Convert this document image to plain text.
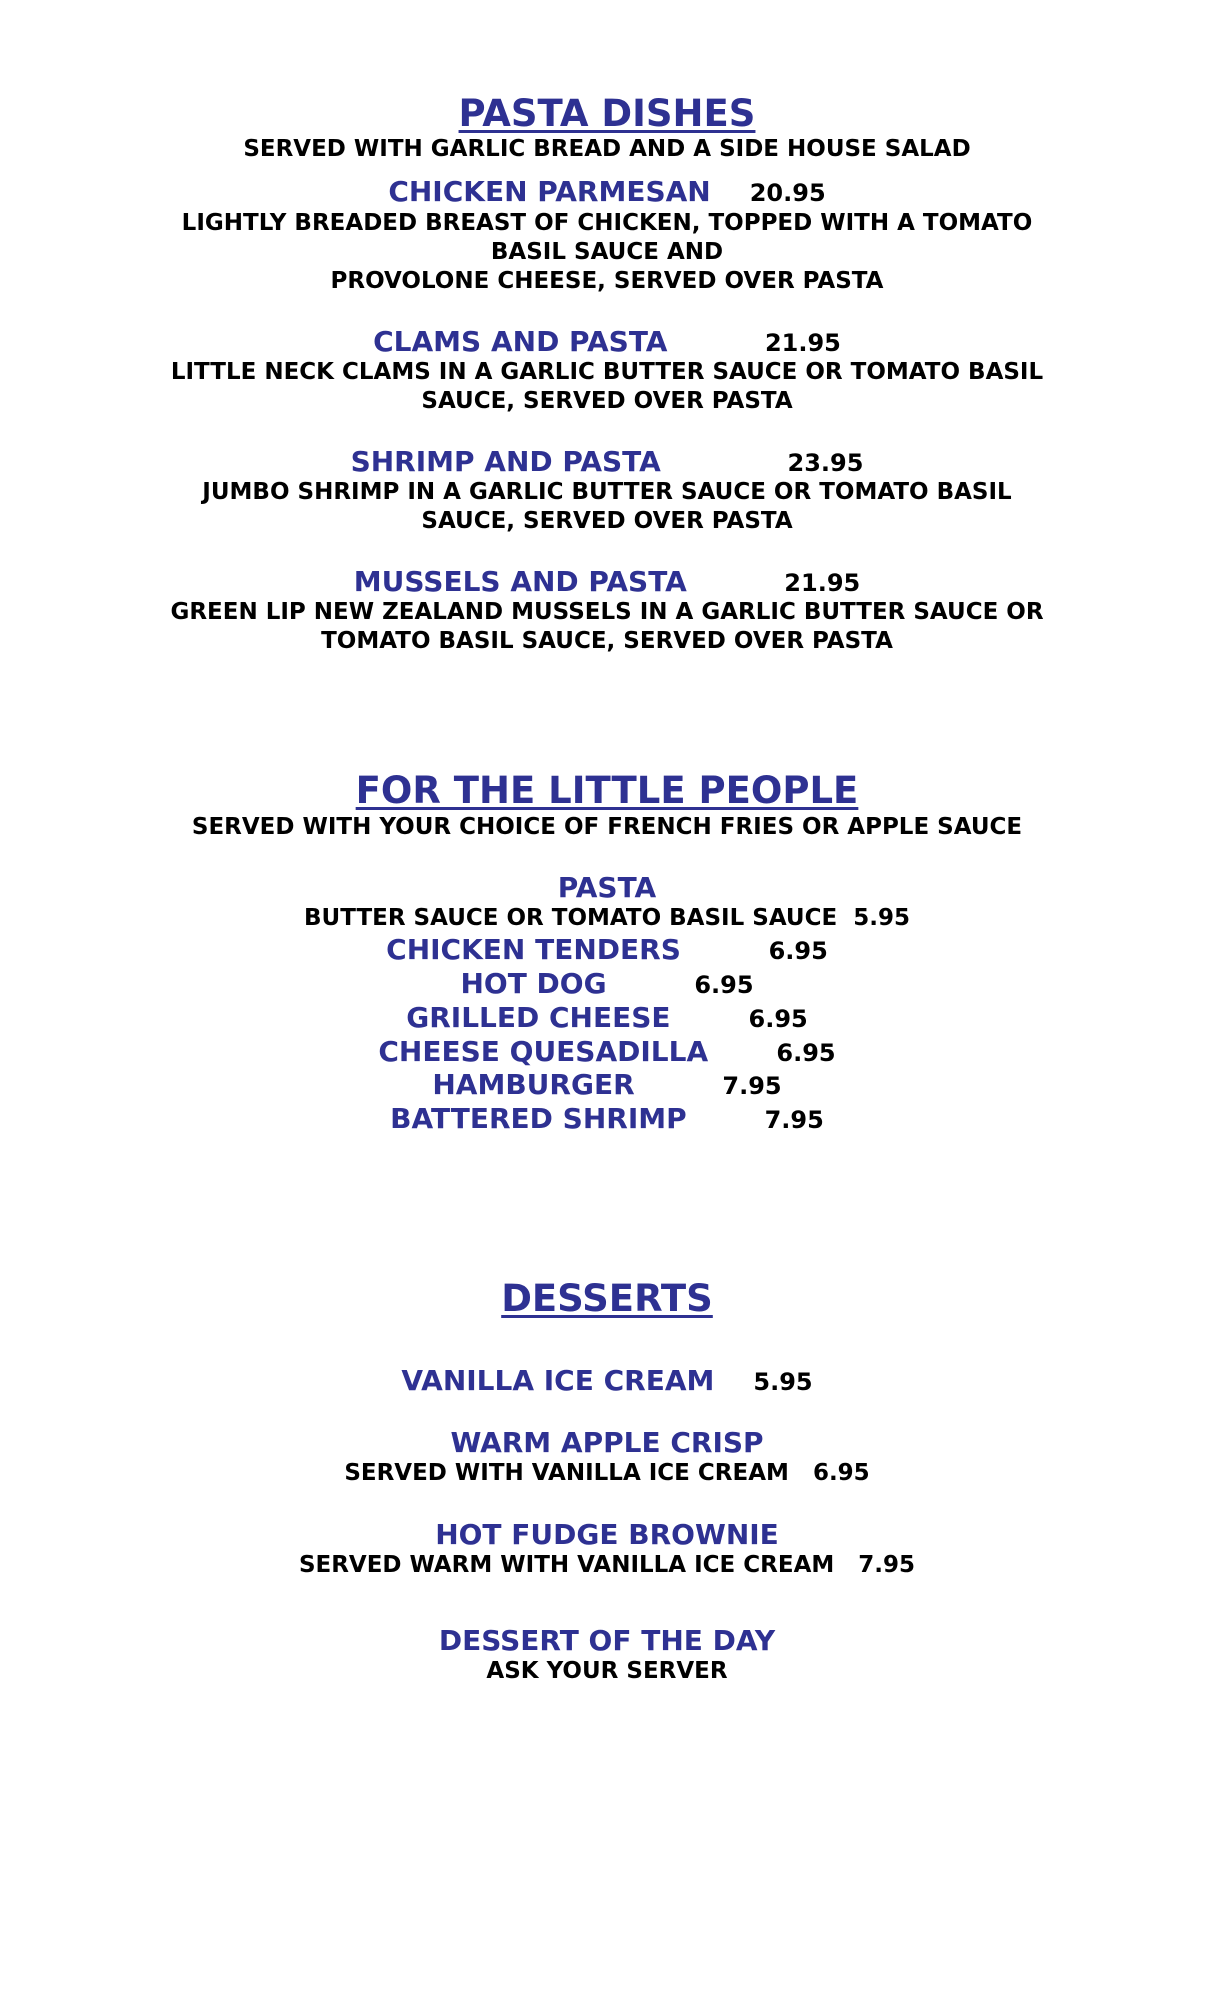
PASTA DISHES
SERVED WITH GARLIC BREAD AND A SIDE HOUSE SALAD
CHICKEN PARMESAN 20.95
LIGHTLY BREADED BREAST OF CHICKEN, TOPPED WITH A TOMATO
BASIL SAUCE AND
PROVOLONE CHEESE, SERVED OVER PASTA
CLAMS AND PASTA	21.95
LITTLE NECK CLAMS IN A GARLIC BUTTER SAUCE OR TOMATO BASIL
SAUCE, SERVED OVER PASTA
SHRIMP AND PASTA	23.95
JUMBO SHRIMP IN A GARLIC BUTTER SAUCE OR TOMATO BASIL
SAUCE, SERVED OVER PASTA
MUSSELS AND PASTA	21.95
GREEN LIP NEW ZEALAND MUSSELS IN A GARLIC BUTTER SAUCE OR
TOMATO BASIL SAUCE, SERVED OVER PASTA
FOR THE LITTLE PEOPLE
SERVED WITH YOUR CHOICE OF FRENCH FRIES OR APPLE SAUCE
PASTA
BUTTER SAUCE OR TOMATO BASIL SAUCE 5.95
CHICKEN TENDERS	6.95
HOT DOG	6.95
GRILLED CHEESE	6.95
CHEESE QUESADILLA	6.95
HAMBURGER	7.95
BATTERED SHRIMP	7.95
DESSERTS
VANILLA ICE CREAM 5.95
WARM APPLE CRISP
SERVED WITH VANILLA ICE CREAM 6.95
HOT FUDGE BROWNIE
SERVED WARM WITH VANILLA ICE CREAM 7.95
DESSERT OF THE DAY
ASK YOUR SERVER
